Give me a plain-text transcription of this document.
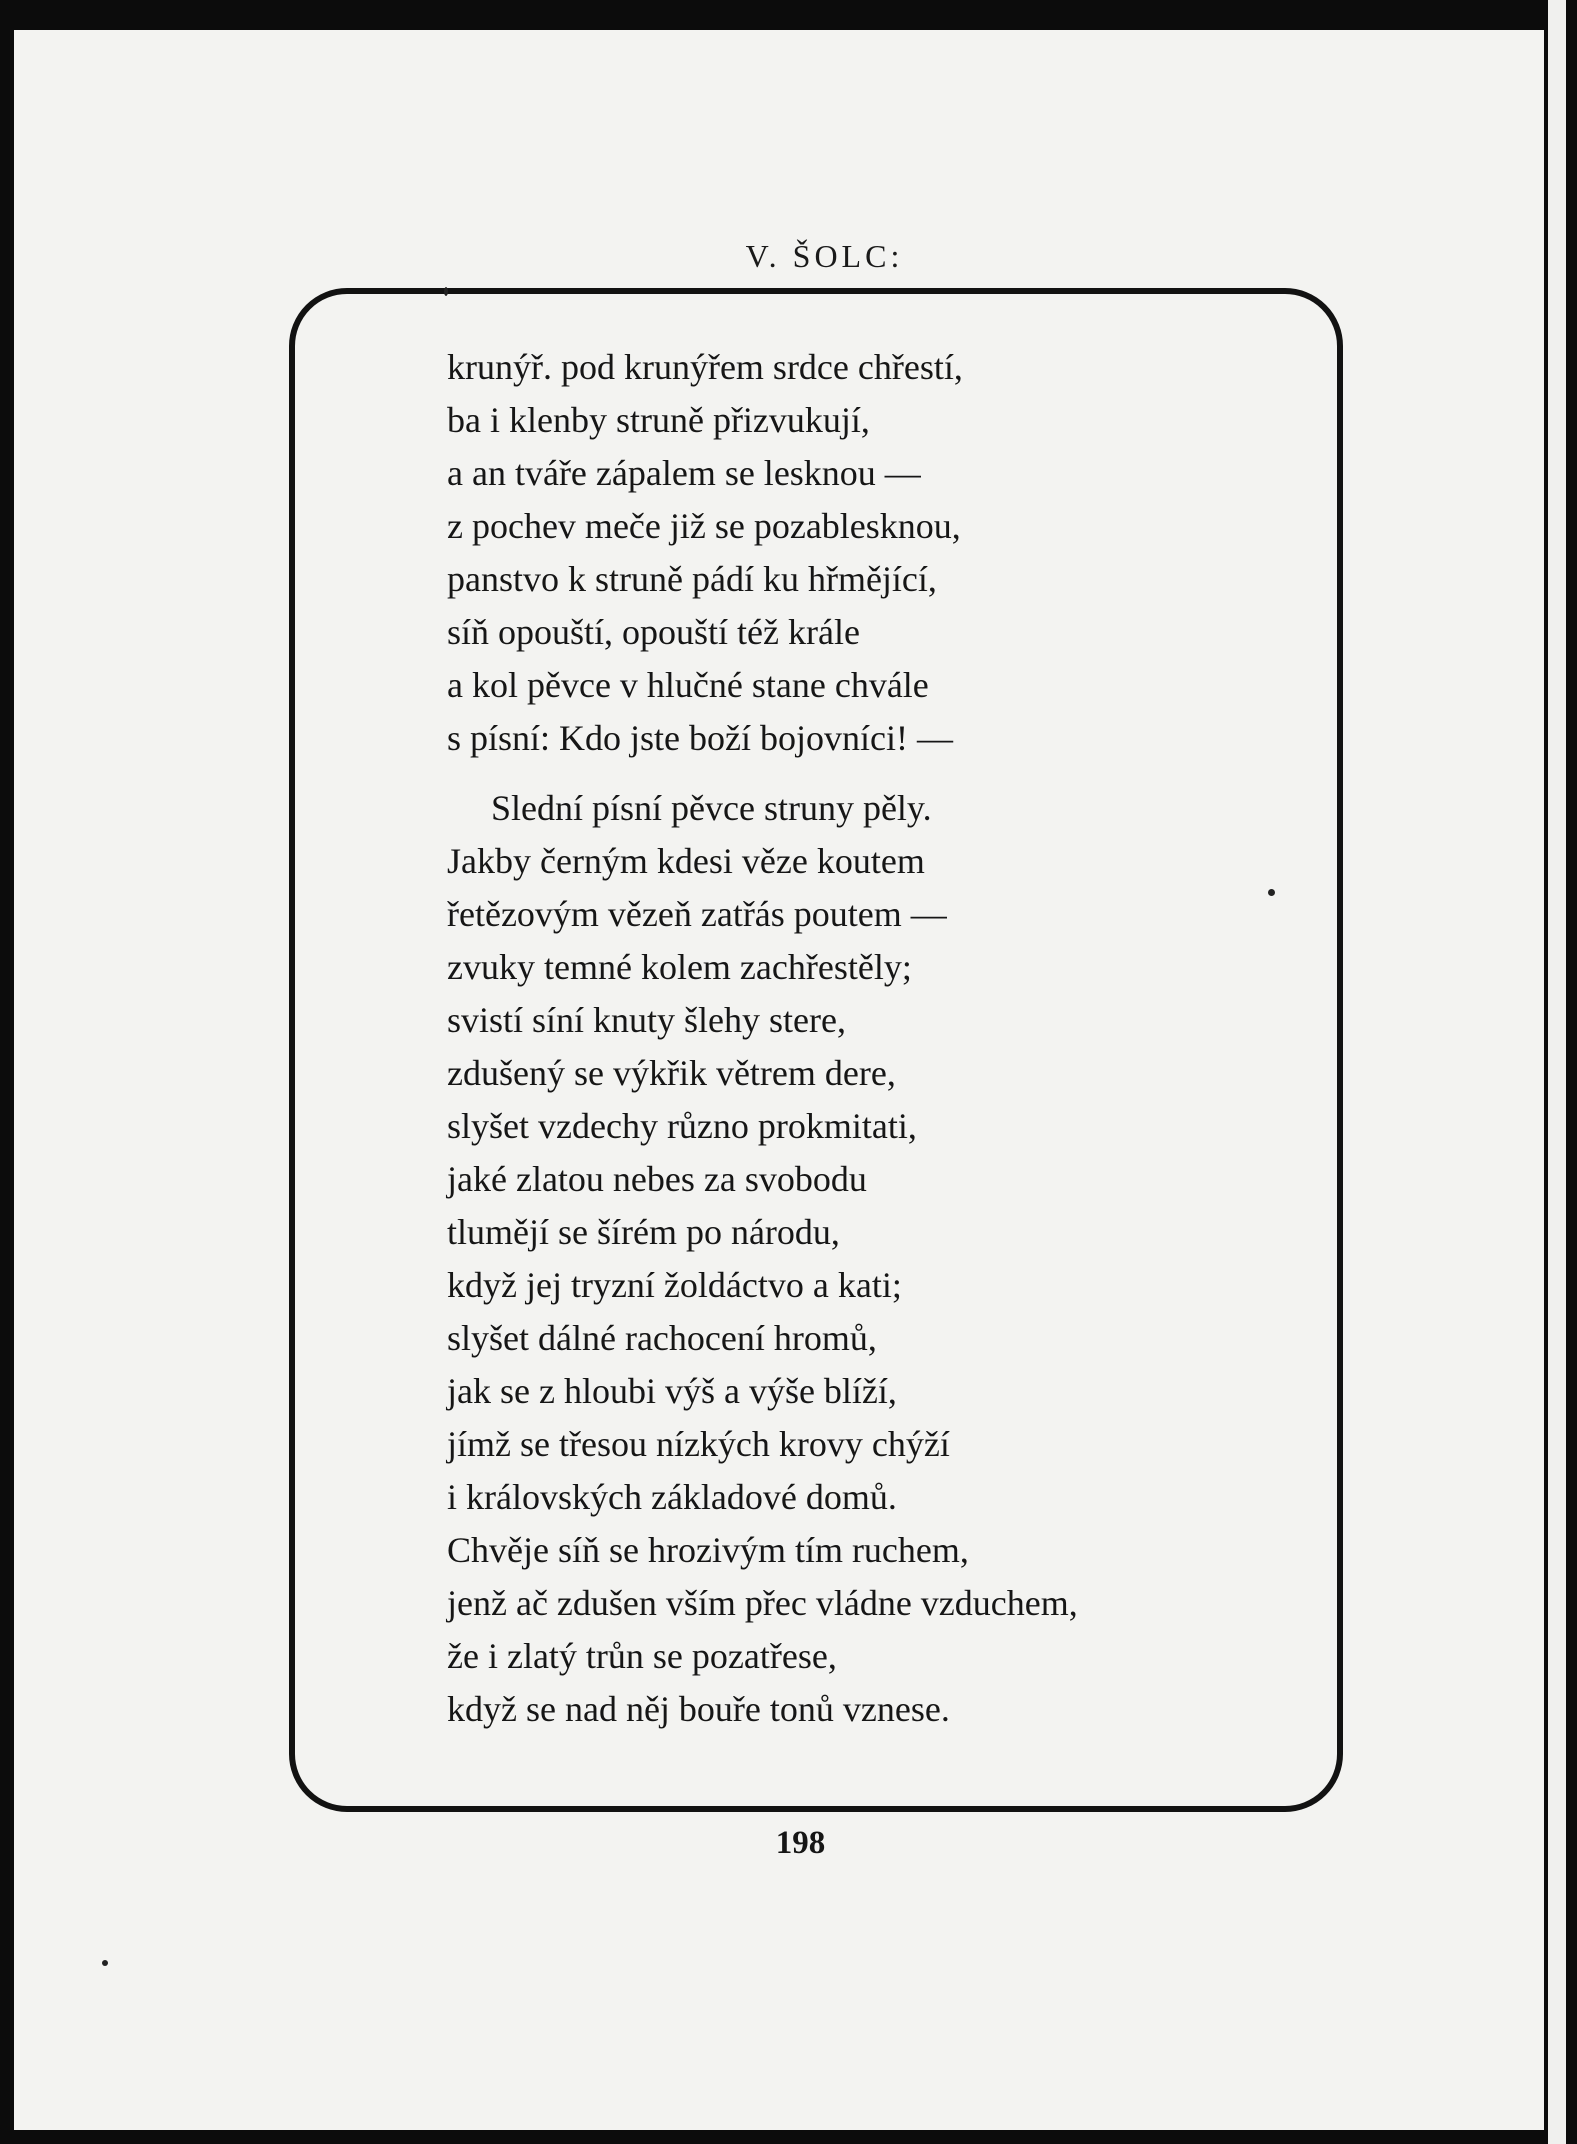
V. ŠOLC:
krunýř. pod krunýřem srdce chřestí,
ba i klenby struně přizvukují,
a an tváře zápalem se lesknou —
z pochev meče již se pozablesknou,
panstvo k struně pádí ku hřmějící,
síň opouští, opouští též krále
a kol pěvce v hlučné stane chvále
s písní: Kdo jste boží bojovníci! —
Slední písní pěvce struny pěly.
Jakby černým kdesi věze koutem
řetězovým vězeň zatřás poutem —
zvuky temné kolem zachřestěly;
svistí síní knuty šlehy stere,
zdušený se výkřik větrem dere,
slyšet vzdechy různo prokmitati,
jaké zlatou nebes za svobodu
tlumějí se šírém po národu,
když jej tryzní žoldáctvo a kati;
slyšet dálné rachocení hromů,
jak se z hloubi výš a výše blíží,
jímž se třesou nízkých krovy chýží
i královských základové domů.
Chvěje síň se hrozivým tím ruchem,
jenž ač zdušen vším přec vládne vzduchem,
že i zlatý trůn se pozatřese,
když se nad něj bouře tonů vznese.
198
